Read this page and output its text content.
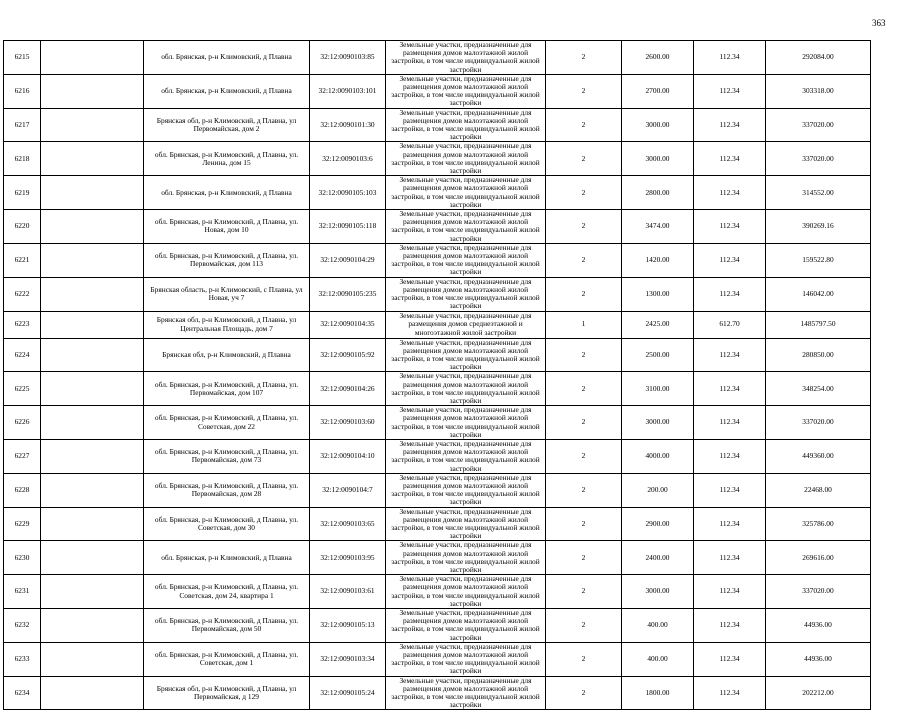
363
6215		обл. Брянская, р-н Климовский, д Плавна	32:12:0090103:85	Земельные участки, предназначенные для размещения домов малоэтажной жилой застройки, в том числе индивидуальной жилой застройки	2	2600.00	112.34	292084.00
6216		обл. Брянская, р-н Климовский, д Плавна	32:12:0090103:101	Земельные участки, предназначенные для размещения домов малоэтажной жилой застройки, в том числе индивидуальной жилой застройки	2	2700.00	112.34	303318.00
6217		Брянская обл, р-н Климовский, д Плавна, ул Первомайская, дом 2	32:12:0090101:30	Земельные участки, предназначенные для размещения домов малоэтажной жилой застройки, в том числе индивидуальной жилой застройки	2	3000.00	112.34	337020.00
6218		обл. Брянская, р-н Климовский, д Плавна, ул. Ленина, дом 15	32:12:0090103:6	Земельные участки, предназначенные для размещения домов малоэтажной жилой застройки, в том числе индивидуальной жилой застройки	2	3000.00	112.34	337020.00
6219		обл. Брянская, р-н Климовский, д Плавна	32:12:0090105:103	Земельные участки, предназначенные для размещения домов малоэтажной жилой застройки, в том числе индивидуальной жилой застройки	2	2800.00	112.34	314552.00
6220		обл. Брянская, р-н Климовский, д Плавна, ул. Новая, дом 10	32:12:0090105:118	Земельные участки, предназначенные для размещения домов малоэтажной жилой застройки, в том числе индивидуальной жилой застройки	2	3474.00	112.34	390269.16
6221		обл. Брянская, р-н Климовский, д Плавна, ул. Первомайская, дом 113	32:12:0090104:29	Земельные участки, предназначенные для размещения домов малоэтажной жилой застройки, в том числе индивидуальной жилой застройки	2	1420.00	112.34	159522.80
6222		Брянская область, р-н Климовский, с Плавна, ул Новая, уч 7	32:12:0090105:235	Земельные участки, предназначенные для размещения домов малоэтажной жилой застройки, в том числе индивидуальной жилой застройки	2	1300.00	112.34	146042.00
6223		Брянская обл, р-н Климовский, д Плавна, ул Центральная Площадь, дом 7	32:12:0090104:35	Земельные участки, предназначенные для размещения домов среднеэтажной и многоэтажной жилой застройки	1	2425.00	612.70	1485797.50
6224		Брянская обл, р-н Климовский, д Плавна	32:12:0090105:92	Земельные участки, предназначенные для размещения домов малоэтажной жилой застройки, в том числе индивидуальной жилой застройки	2	2500.00	112.34	280850.00
6225		обл. Брянская, р-н Климовский, д Плавна, ул. Первомайская, дом 107	32:12:0090104:26	Земельные участки, предназначенные для размещения домов малоэтажной жилой застройки, в том числе индивидуальной жилой застройки	2	3100.00	112.34	348254.00
6226		обл. Брянская, р-н Климовский, д Плавна, ул. Советская, дом 22	32:12:0090103:60	Земельные участки, предназначенные для размещения домов малоэтажной жилой застройки, в том числе индивидуальной жилой застройки	2	3000.00	112.34	337020.00
6227		обл. Брянская, р-н Климовский, д Плавна, ул. Первомайская, дом 73	32:12:0090104:10	Земельные участки, предназначенные для размещения домов малоэтажной жилой застройки, в том числе индивидуальной жилой застройки	2	4000.00	112.34	449360.00
6228		обл. Брянская, р-н Климовский, д Плавна, ул. Первомайская, дом 28	32:12:0090104:7	Земельные участки, предназначенные для размещения домов малоэтажной жилой застройки, в том числе индивидуальной жилой застройки	2	200.00	112.34	22468.00
6229		обл. Брянская, р-н Климовский, д Плавна, ул. Советская, дом 30	32:12:0090103:65	Земельные участки, предназначенные для размещения домов малоэтажной жилой застройки, в том числе индивидуальной жилой застройки	2	2900.00	112.34	325786.00
6230		обл. Брянская, р-н Климовский, д Плавна	32:12:0090103:95	Земельные участки, предназначенные для размещения домов малоэтажной жилой застройки, в том числе индивидуальной жилой застройки	2	2400.00	112.34	269616.00
6231		обл. Брянская, р-н Климовский, д Плавна, ул. Советская, дом 24, квартира 1	32:12:0090103:61	Земельные участки, предназначенные для размещения домов малоэтажной жилой застройки, в том числе индивидуальной жилой застройки	2	3000.00	112.34	337020.00
6232		обл. Брянская, р-н Климовский, д Плавна, ул. Первомайская, дом 50	32:12:0090105:13	Земельные участки, предназначенные для размещения домов малоэтажной жилой застройки, в том числе индивидуальной жилой застройки	2	400.00	112.34	44936.00
6233		обл. Брянская, р-н Климовский, д Плавна, ул. Советская, дом 1	32:12:0090103:34	Земельные участки, предназначенные для размещения домов малоэтажной жилой застройки, в том числе индивидуальной жилой застройки	2	400.00	112.34	44936.00
6234		Брянская обл, р-н Климовский, д Плавна, ул Первомайская, д 129	32:12:0090105:24	Земельные участки, предназначенные для размещения домов малоэтажной жилой застройки, в том числе индивидуальной жилой застройки	2	1800.00	112.34	202212.00
